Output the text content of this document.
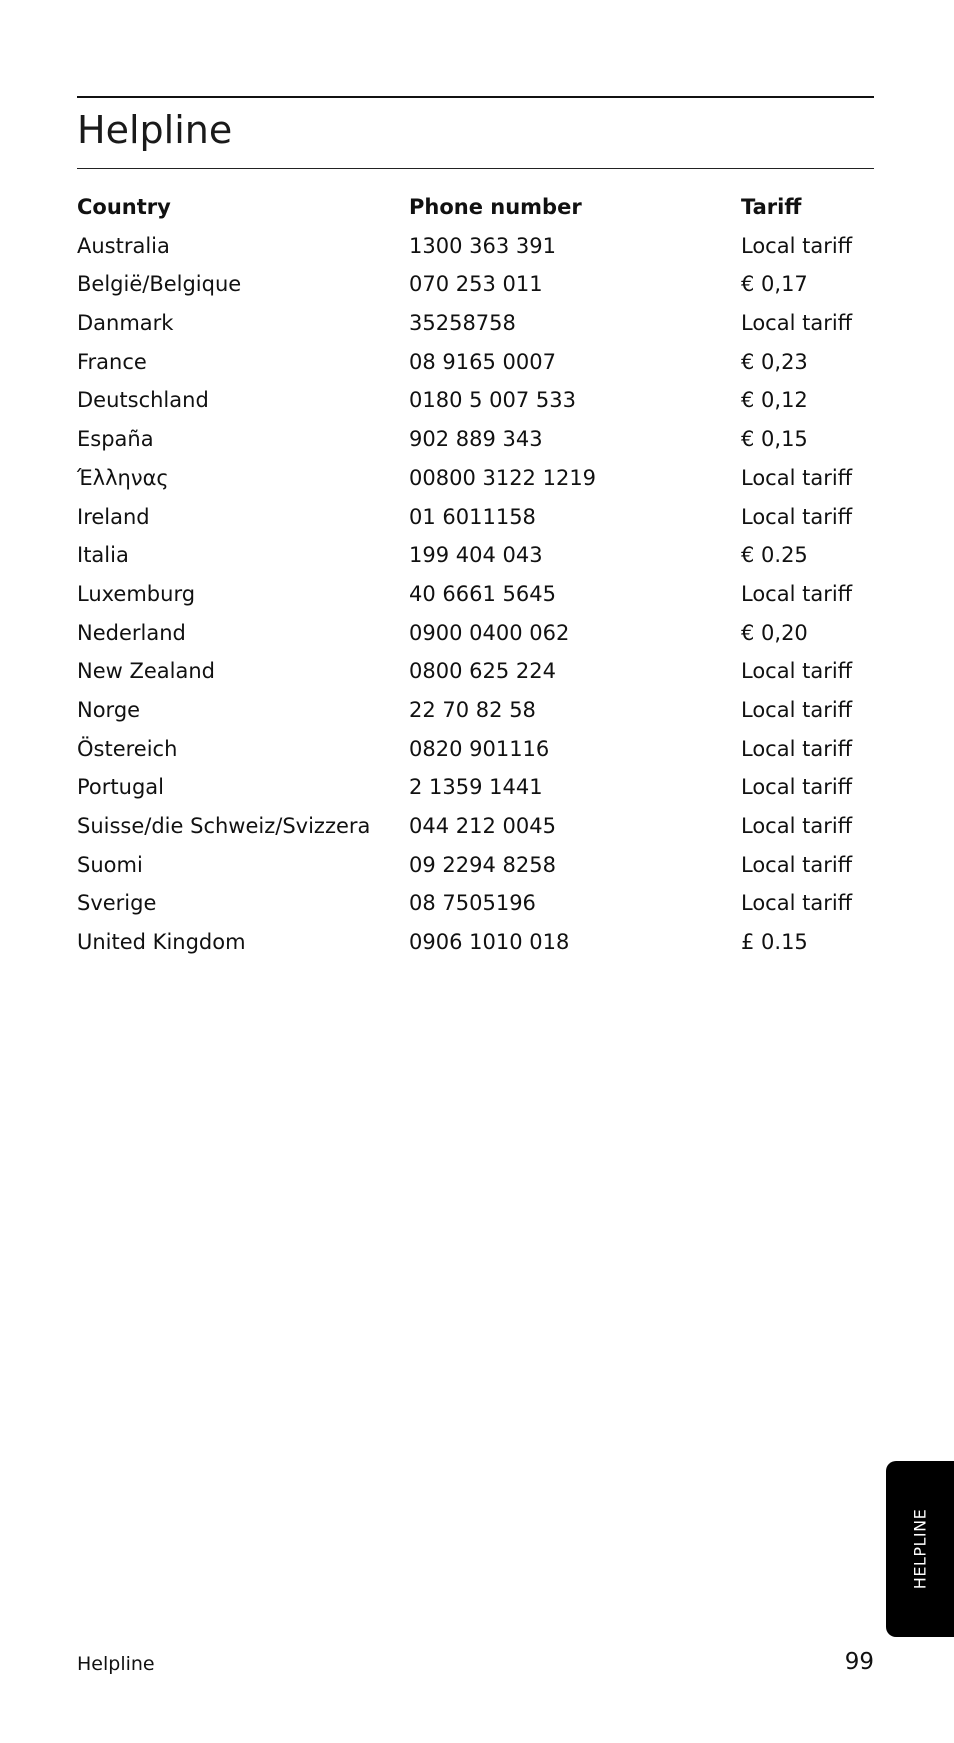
Helpline
Country	Phone number	Tariff
Australia	1300 363 391	Local tariff
België/Belgique	070 253 011	€ 0,17
Danmark	35258758	Local tariff
France	08 9165 0007	€ 0,23
Deutschland	0180 5 007 533	€ 0,12
España	902 889 343	€ 0,15
Έλληνας	00800 3122 1219	Local tariff
Ireland	01 6011158	Local tariff
Italia	199 404 043	€ 0.25
Luxemburg	40 6661 5645	Local tariff
Nederland	0900 0400 062	€ 0,20
New Zealand	0800 625 224	Local tariff
Norge	22 70 82 58	Local tariff
Östereich	0820 901116	Local tariff
Portugal	2 1359 1441	Local tariff
Suisse/die Schweiz/Svizzera 044 212 0045	Local tariff
Suomi	09 2294 8258	Local tariff
Sverige	08 7505196	Local tariff
United Kingdom	0906 1010 018	£ 0.15
HELPLINE
Helpline	99
